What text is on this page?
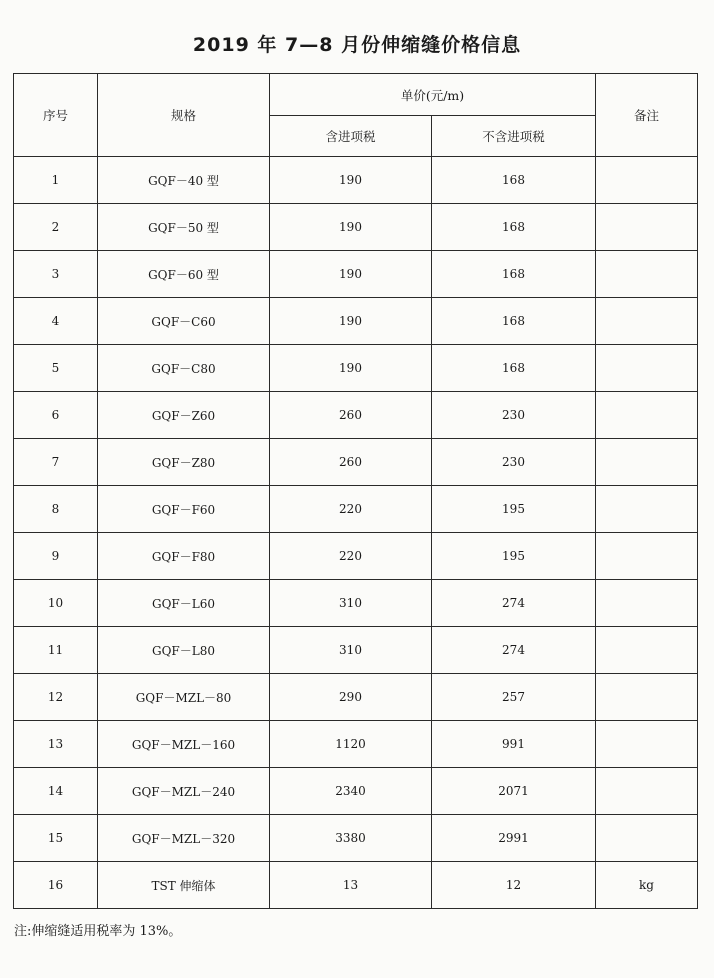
2019 年 7—8 月份伸缩缝价格信息
序号	规格	单价(元/m)		备注
		含进项税	不含进项税	
1	GQF－40 型	190	168	
2	GQF－50 型	190	168	
3	GQF－60 型	190	168	
4	GQF－C60	190	168	
5	GQF－C80	190	168	
6	GQF－Z60	260	230	
7	GQF－Z80	260	230	
8	GQF－F60	220	195	
9	GQF－F80	220	195	
10	GQF－L60	310	274	
11	GQF－L80	310	274	
12	GQF－MZL－80	290	257	
13	GQF－MZL－160	1120	991	
14	GQF－MZL－240	2340	2071	
15	GQF－MZL－320	3380	2991	
16	TST 伸缩体	13	12	kg
注:伸缩缝适用税率为 13%。
